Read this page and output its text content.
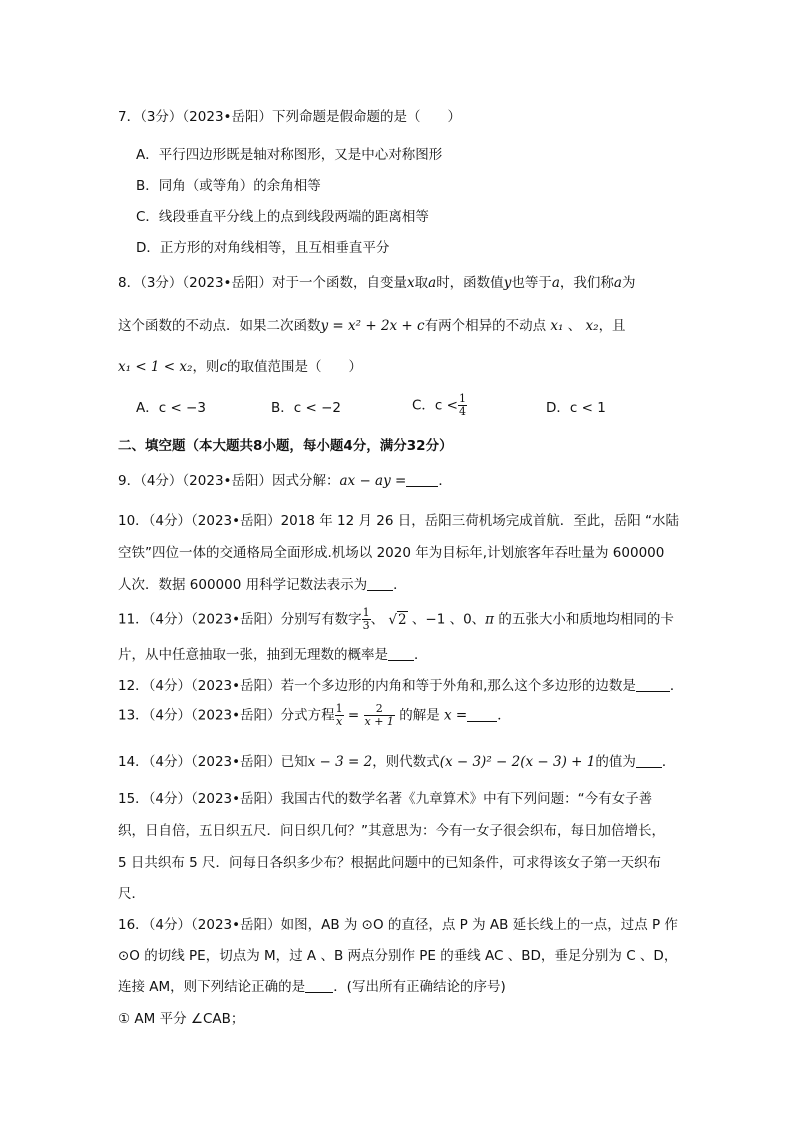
7．（3分）（2023•岳阳）下列命题是假命题的是（　　）
A．平行四边形既是轴对称图形，又是中心对称图形
B．同角（或等角）的余角相等
C．线段垂直平分线上的点到线段两端的距离相等
D．正方形的对角线相等，且互相垂直平分
8．（3分）（2023•岳阳）对于一个函数，自变量x取a时，函数值y也等于a，我们称a为
这个函数的不动点．如果二次函数y = x² + 2x + c有两个相异的不动点 x₁ 、 x₂，且
x₁ < 1 < x₂，则c的取值范围是（　　）
A．c < −3	B．c < −2	C．$c < \frac{1}{4}$	D．c < 1
二、填空题（本大题共8小题，每小题4分，满分32分）
9．（4分）（2023•岳阳）因式分解：ax − ay = ．
10．（4分）（2023•岳阳）2018 年 12 月 26 日，岳阳三荷机场完成首航．至此，岳阳 “水陆
空铁”四位一体的交通格局全面形成.机场以 2020 年为目标年,计划旅客年吞吐量为 600000
人次．数据 600000 用科学记数法表示为 ．
11．（4分）（2023•岳阳）分别写有数字 $\frac{1}{3}$ 、 √2 、−1 、0、π 的五张大小和质地均相同的卡
片，从中任意抽取一张，抽到无理数的概率是 ．
12．（4分）（2023•岳阳）若一个多边形的内角和等于外角和,那么这个多边形的边数是	．
13．（4分）（2023•岳阳）分式方程 $\frac{1}{x} = \frac{2}{x + 1}$ 的解是 x = ．
14．（4分）（2023•岳阳）已知x − 3 = 2，则代数式(x − 3)² − 2(x − 3) + 1的值为 ．
15．（4分）（2023•岳阳）我国古代的数学名著《九章算术》中有下列问题：“今有女子善
织，日自倍，五日织五尺．问日织几何？”其意思为：今有一女子很会织布，每日加倍增长，
5 日共织布 5 尺．问每日各织多少布？根据此问题中的已知条件，可求得该女子第一天织布
尺．
16．（4分）（2023•岳阳）如图，AB 为 ⊙O 的直径，点 P 为 AB 延长线上的一点，过点 P 作
⊙O 的切线 PE，切点为 M，过 A 、B 两点分别作 PE 的垂线 AC 、BD，垂足分别为 C 、D，
连接 AM，则下列结论正确的是 ．(写出所有正确结论的序号)
① AM 平分 ∠CAB；
